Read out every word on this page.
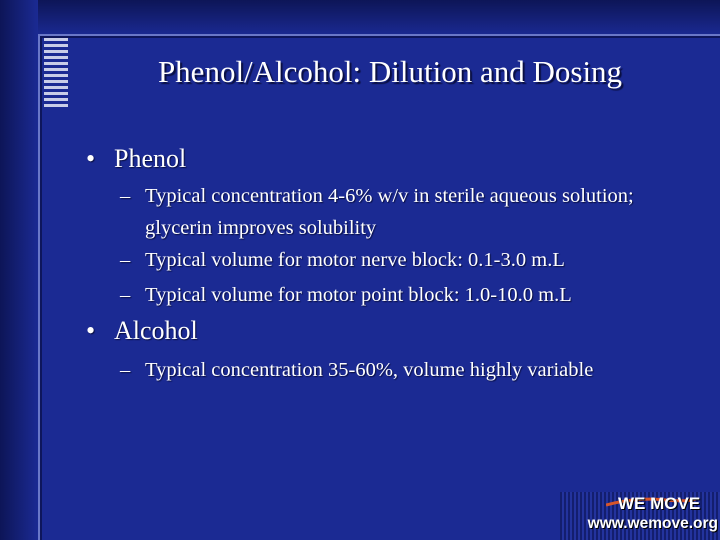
Phenol/Alcohol: Dilution and Dosing
• Phenol
– Typical concentration 4-6% w/v in sterile aqueous solution; glycerin improves solubility
– Typical volume for motor nerve block: 0.1-3.0 m.L
– Typical volume for motor point block: 1.0-10.0 m.L
• Alcohol
– Typical concentration 35-60%, volume highly variable
WE MOVE
www.wemove.org
